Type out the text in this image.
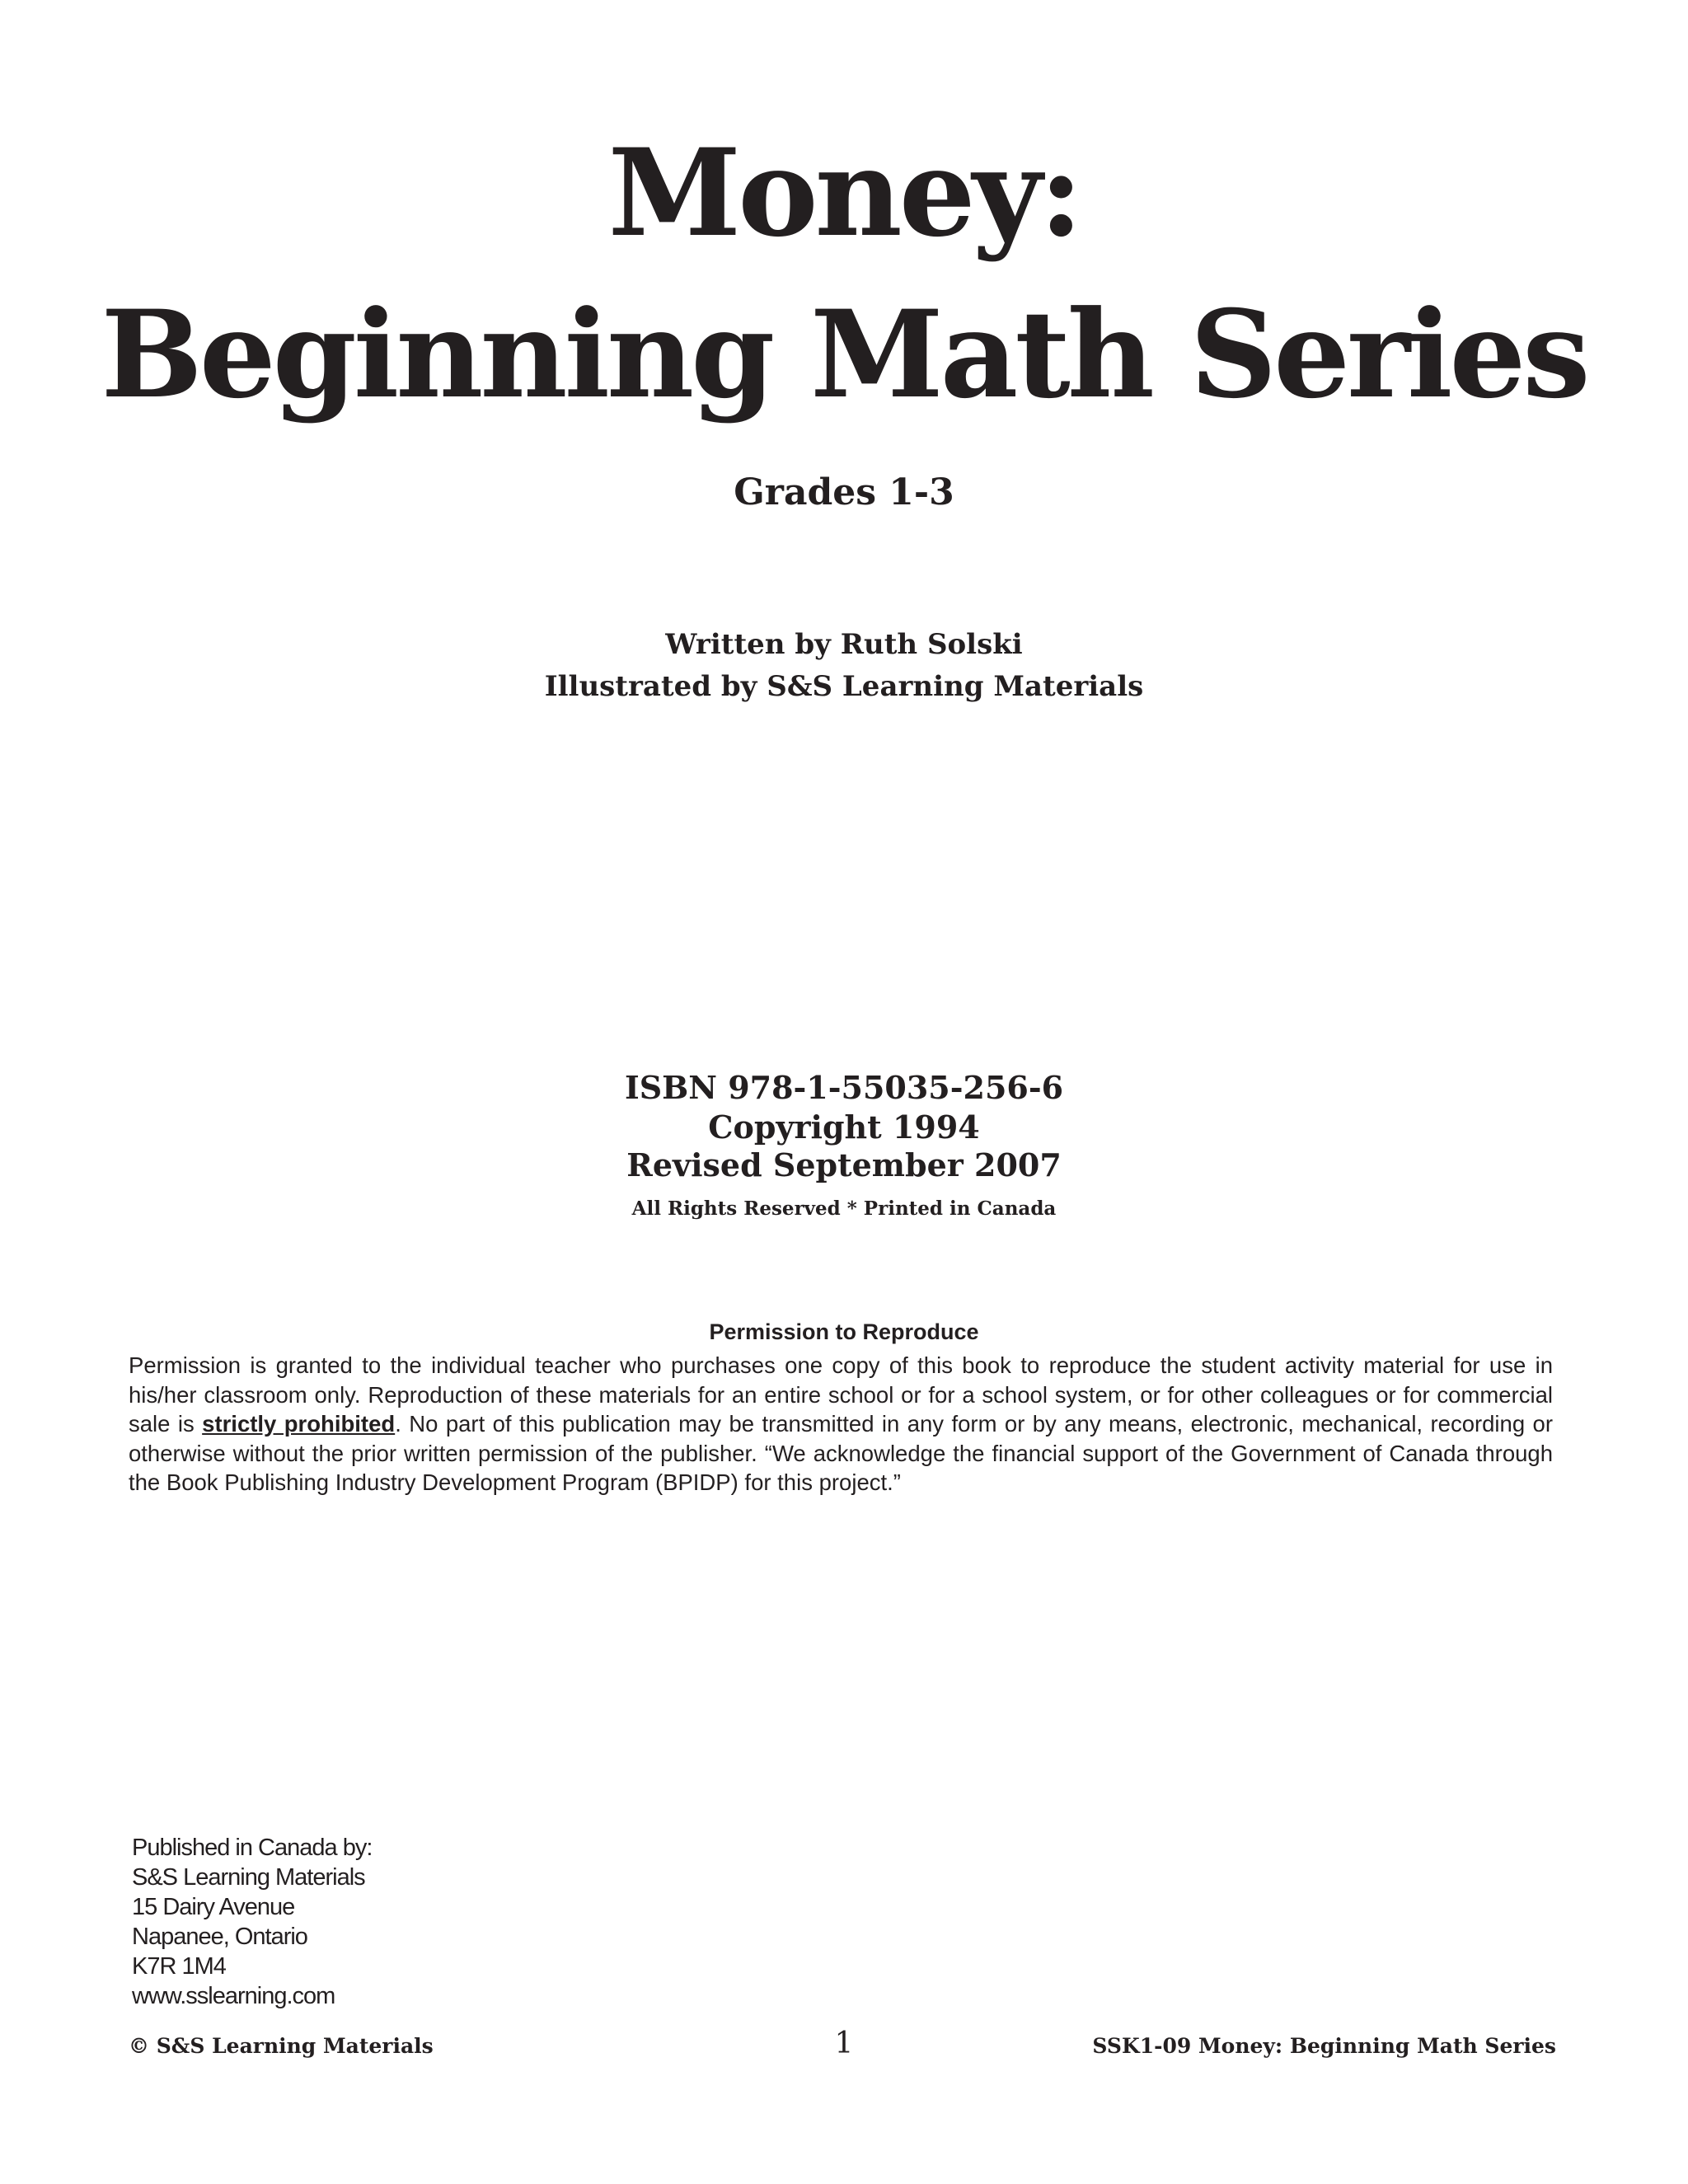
Money:
Beginning Math Series
Grades 1-3
Written by Ruth Solski
Illustrated by S&S Learning Materials
ISBN 978-1-55035-256-6
Copyright 1994
Revised September 2007
All Rights Reserved * Printed in Canada
Permission to Reproduce

Permission is granted to the individual teacher who purchases one copy of this book to reproduce the student activity material for use in his/her classroom only. Reproduction of these materials for an entire school or for a school system, or for other colleagues or for commercial sale is strictly prohibited. No part of this publication may be transmitted in any form or by any means, electronic, mechanical, recording or otherwise without the prior written permission of the publisher. “We acknowledge the financial support of the Government of Canada through the Book Publishing Industry Development Program (BPIDP) for this project.”

Published in Canada by:
S&S Learning Materials
15 Dairy Avenue
Napanee, Ontario
K7R 1M4
www.sslearning.com
© S&S Learning Materials	1	SSK1-09 Money: Beginning Math Series
